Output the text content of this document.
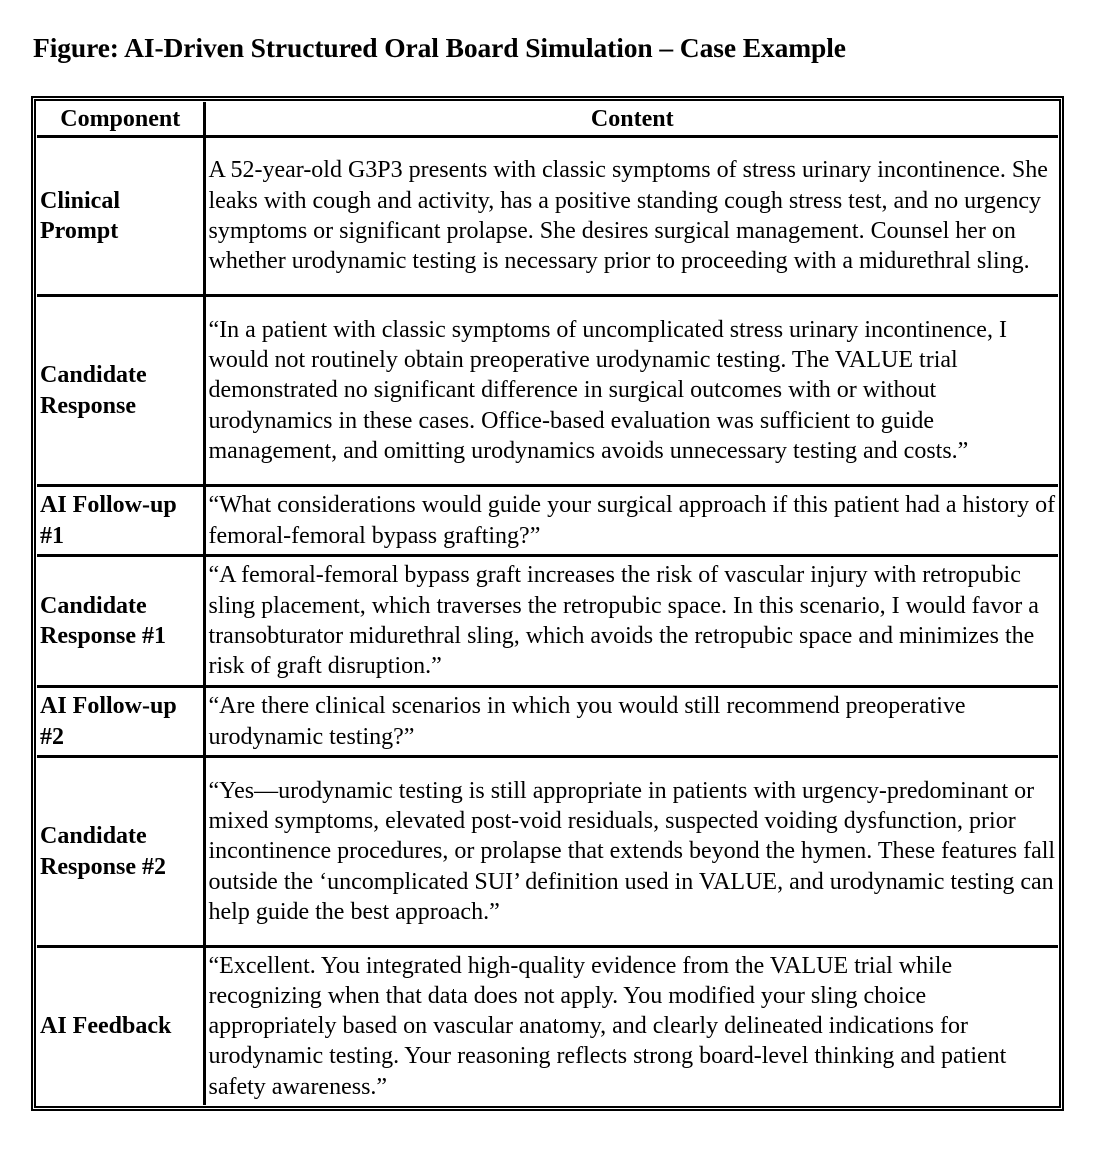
Figure: AI-Driven Structured Oral Board Simulation – Case Example
Component	Content

Clinical Prompt	A 52-year-old G3P3 presents with classic symptoms of stress urinary incontinence. She leaks with cough and activity, has a positive standing cough stress test, and no urgency symptoms or significant prolapse. She desires surgical management. Counsel her on whether urodynamic testing is necessary prior to proceeding with a midurethral sling.

Candidate Response	“In a patient with classic symptoms of uncomplicated stress urinary incontinence, I would not routinely obtain preoperative urodynamic testing. The VALUE trial demonstrated no significant difference in surgical outcomes with or without urodynamics in these cases. Office-based evaluation was sufficient to guide management, and omitting urodynamics avoids unnecessary testing and costs.”

AI Follow-up #1	“What considerations would guide your surgical approach if this patient had a history of femoral-femoral bypass grafting?”

Candidate Response #1	“A femoral-femoral bypass graft increases the risk of vascular injury with retropubic sling placement, which traverses the retropubic space. In this scenario, I would favor a transobturator midurethral sling, which avoids the retropubic space and minimizes the risk of graft disruption.”

AI Follow-up #2	“Are there clinical scenarios in which you would still recommend preoperative urodynamic testing?”

Candidate Response #2	“Yes—urodynamic testing is still appropriate in patients with urgency-predominant or mixed symptoms, elevated post-void residuals, suspected voiding dysfunction, prior incontinence procedures, or prolapse that extends beyond the hymen. These features fall outside the ‘uncomplicated SUI’ definition used in VALUE, and urodynamic testing can help guide the best approach.”

AI Feedback	“Excellent. You integrated high-quality evidence from the VALUE trial while recognizing when that data does not apply. You modified your sling choice appropriately based on vascular anatomy, and clearly delineated indications for urodynamic testing. Your reasoning reflects strong board-level thinking and patient safety awareness.”
